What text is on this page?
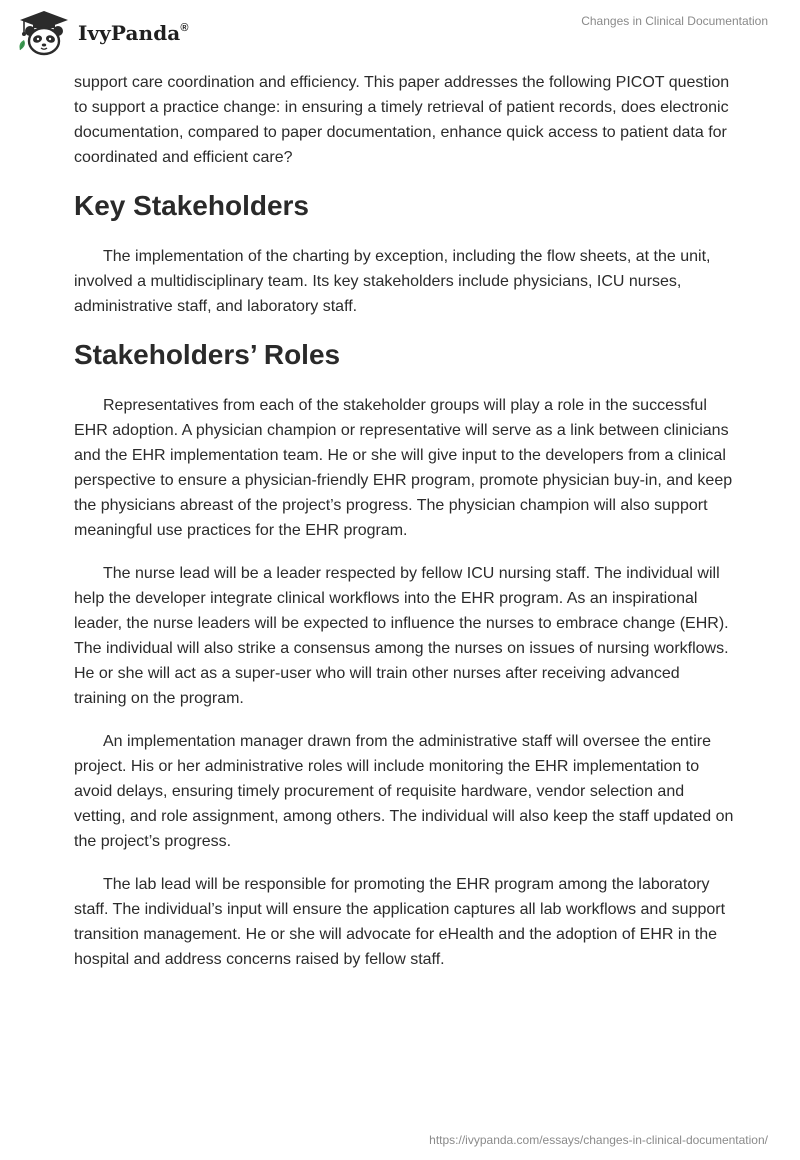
IvyPanda®	Changes in Clinical Documentation

support care coordination and efficiency. This paper addresses the following PICOT question to support a practice change: in ensuring a timely retrieval of patient records, does electronic documentation, compared to paper documentation, enhance quick access to patient data for coordinated and efficient care?

Key Stakeholders

The implementation of the charting by exception, including the flow sheets, at the unit, involved a multidisciplinary team. Its key stakeholders include physicians, ICU nurses, administrative staff, and laboratory staff.

Stakeholders’ Roles

Representatives from each of the stakeholder groups will play a role in the successful EHR adoption. A physician champion or representative will serve as a link between clinicians and the EHR implementation team. He or she will give input to the developers from a clinical perspective to ensure a physician-friendly EHR program, promote physician buy-in, and keep the physicians abreast of the project’s progress. The physician champion will also support meaningful use practices for the EHR program.

The nurse lead will be a leader respected by fellow ICU nursing staff. The individual will help the developer integrate clinical workflows into the EHR program. As an inspirational leader, the nurse leaders will be expected to influence the nurses to embrace change (EHR). The individual will also strike a consensus among the nurses on issues of nursing workflows. He or she will act as a super-user who will train other nurses after receiving advanced training on the program.

An implementation manager drawn from the administrative staff will oversee the entire project. His or her administrative roles will include monitoring the EHR implementation to avoid delays, ensuring timely procurement of requisite hardware, vendor selection and vetting, and role assignment, among others. The individual will also keep the staff updated on the project’s progress.

The lab lead will be responsible for promoting the EHR program among the laboratory staff. The individual’s input will ensure the application captures all lab workflows and support transition management. He or she will advocate for eHealth and the adoption of EHR in the hospital and address concerns raised by fellow staff.

https://ivypanda.com/essays/changes-in-clinical-documentation/
